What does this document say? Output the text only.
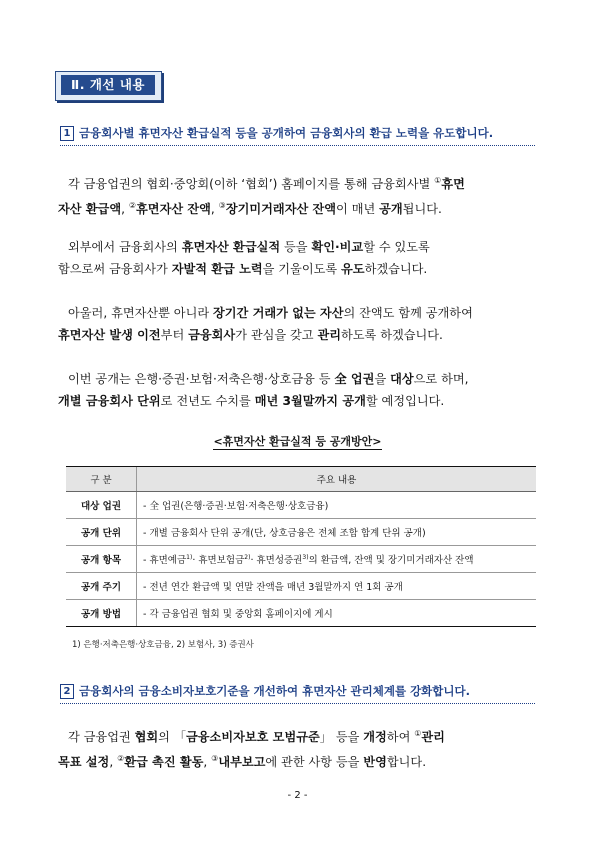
Ⅱ. 개선 내용
1 금융회사별 휴면자산 환급실적 등을 공개하여 금융회사의 환급 노력을 유도합니다.
각 금융업권의 협회·중앙회(이하 ‘협회’) 홈페이지를 통해 금융회사별 ①휴면
자산 환급액, ②휴면자산 잔액, ③장기미거래자산 잔액이 매년 공개됩니다.
외부에서 금융회사의 휴면자산 환급실적 등을 확인·비교할 수 있도록
함으로써 금융회사가 자발적 환급 노력을 기울이도록 유도하겠습니다.
아울러, 휴면자산뿐 아니라 장기간 거래가 없는 자산의 잔액도 함께 공개하여
휴면자산 발생 이전부터 금융회사가 관심을 갖고 관리하도록 하겠습니다.
이번 공개는 은행·증권·보험·저축은행·상호금융 등 全 업권을 대상으로 하며,
개별 금융회사 단위로 전년도 수치를 매년 3월말까지 공개할 예정입니다.
<휴면자산 환급실적 등 공개방안>
구 분	주요 내용
대상 업권	- 全 업권(은행·증권·보험·저축은행·상호금융)
공개 단위	- 개별 금융회사 단위 공개(단, 상호금융은 전체 조합 합계 단위 공개)
공개 항목	- 휴면예금$^{1)}$· 휴면보험금$^{2)}$· 휴면성증권$^{3)}$의 환급액, 잔액 및 장기미거래자산 잔액
공개 주기	- 전년 연간 환급액 및 연말 잔액을 매년 3월말까지 연 1회 공개
공개 방법	- 각 금융업권 협회 및 중앙회 홈페이지에 게시
1) 은행·저축은행·상호금융, 2) 보험사, 3) 증권사
2 금융회사의 금융소비자보호기준을 개선하여 휴면자산 관리체계를 강화합니다.
각 금융업권 협회의 「금융소비자보호 모범규준」 등을 개정하여 ①관리
목표 설정, ②환급 촉진 활동, ③내부보고에 관한 사항 등을 반영합니다.
- 2 -
